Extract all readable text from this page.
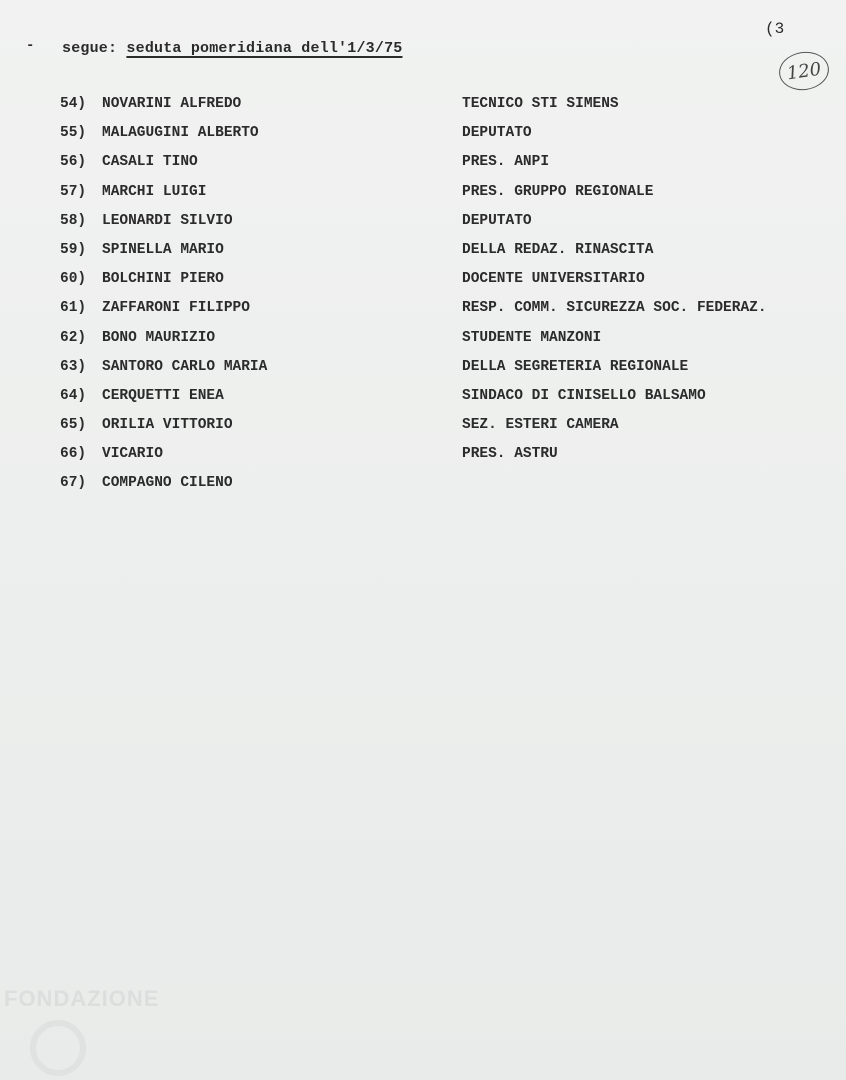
- segue: seduta pomeridiana dell'1/3/75
(3
120
54) NOVARINI ALFREDO	TECNICO STI SIMENS
55) MALAGUGINI ALBERTO	DEPUTATO
56) CASALI TINO	PRES. ANPI
57) MARCHI LUIGI	PRES. GRUPPO REGIONALE
58) LEONARDI SILVIO	DEPUTATO
59) SPINELLA MARIO	DELLA REDAZ. RINASCITA
60) BOLCHINI PIERO	DOCENTE UNIVERSITARIO
61) ZAFFARONI FILIPPO	RESP. COMM. SICUREZZA SOC. FEDERAZ.
62) BONO MAURIZIO	STUDENTE MANZONI
63) SANTORO CARLO MARIA	DELLA SEGRETERIA REGIONALE
64) CERQUETTI ENEA	SINDACO DI CINISELLO BALSAMO
65) ORILIA VITTORIO	SEZ. ESTERI CAMERA
66) VICARIO	PRES. ASTRU
67) COMPAGNO CILENO
FONDAZIONE
